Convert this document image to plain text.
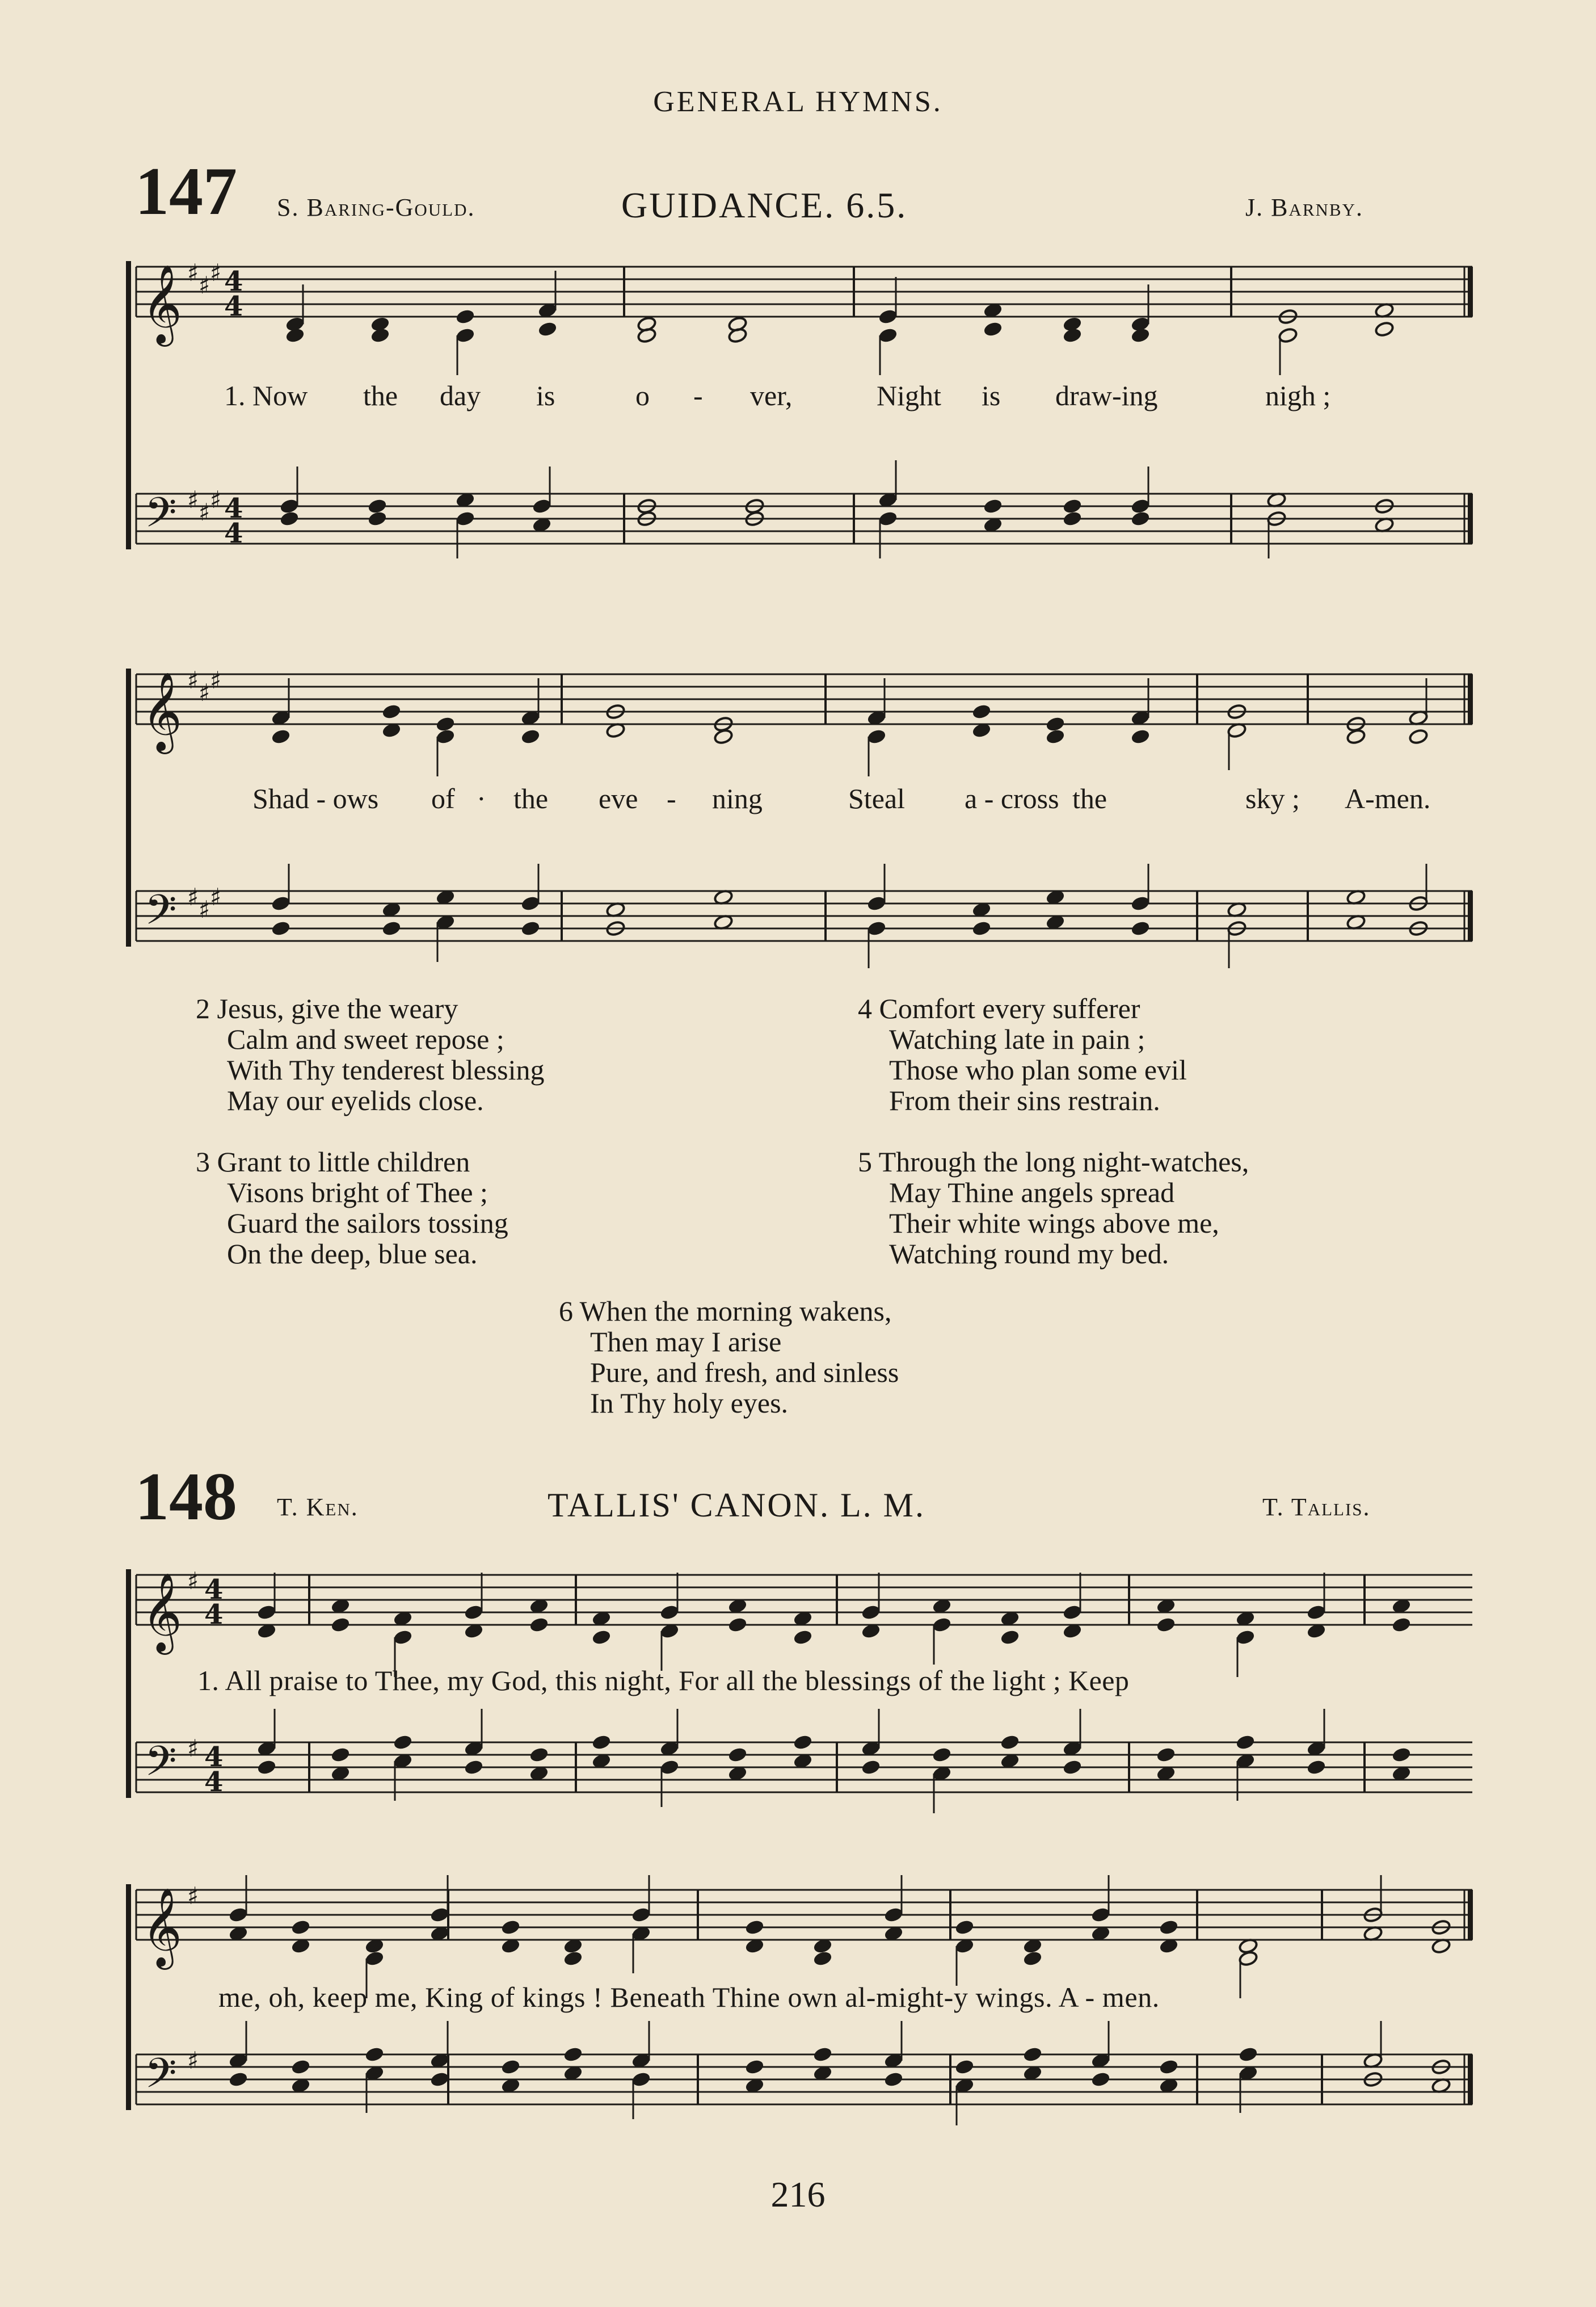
GENERAL HYMNS.
147 S. Baring-Gould.	GUIDANCE. 6.5.	J. Barnby.
𝄞 ♯ ♯ ♯ 4
4
𝄢 ♯ ♯ ♯ 4
4
𝄞 ♯ ♯ ♯
𝄢 ♯ ♯ ♯
𝄞 ♯ 4
4
𝄢 ♯ 4
4
𝄞 ♯
𝄢 ♯
1. Now the day is	o - ver,	Night is draw-ing	nigh ;
Shad - ows of · the eve - ning	Steal a - cross the	sky ; A-men.
2 Jesus, give the weary
Calm and sweet repose ;
With Thy tenderest blessing
May our eyelids close.
3 Grant to little children
Visons bright of Thee ;
Guard the sailors tossing
On the deep, blue sea.
4 Comfort every sufferer
Watching late in pain ;
Those who plan some evil
From their sins restrain.
5 Through the long night-watches,
May Thine angels spread
Their white wings above me,
Watching round my bed.
6 When the morning wakens,
Then may I arise
Pure, and fresh, and sinless
In Thy holy eyes.
148 T. Ken.	TALLIS' CANON. L. M.	T. Tallis.
1. All praise to Thee, my God, this night, For all the blessings of the light ; Keep
me, oh, keep me, King of kings ! Beneath Thine own al-might-y wings. A - men.
216
